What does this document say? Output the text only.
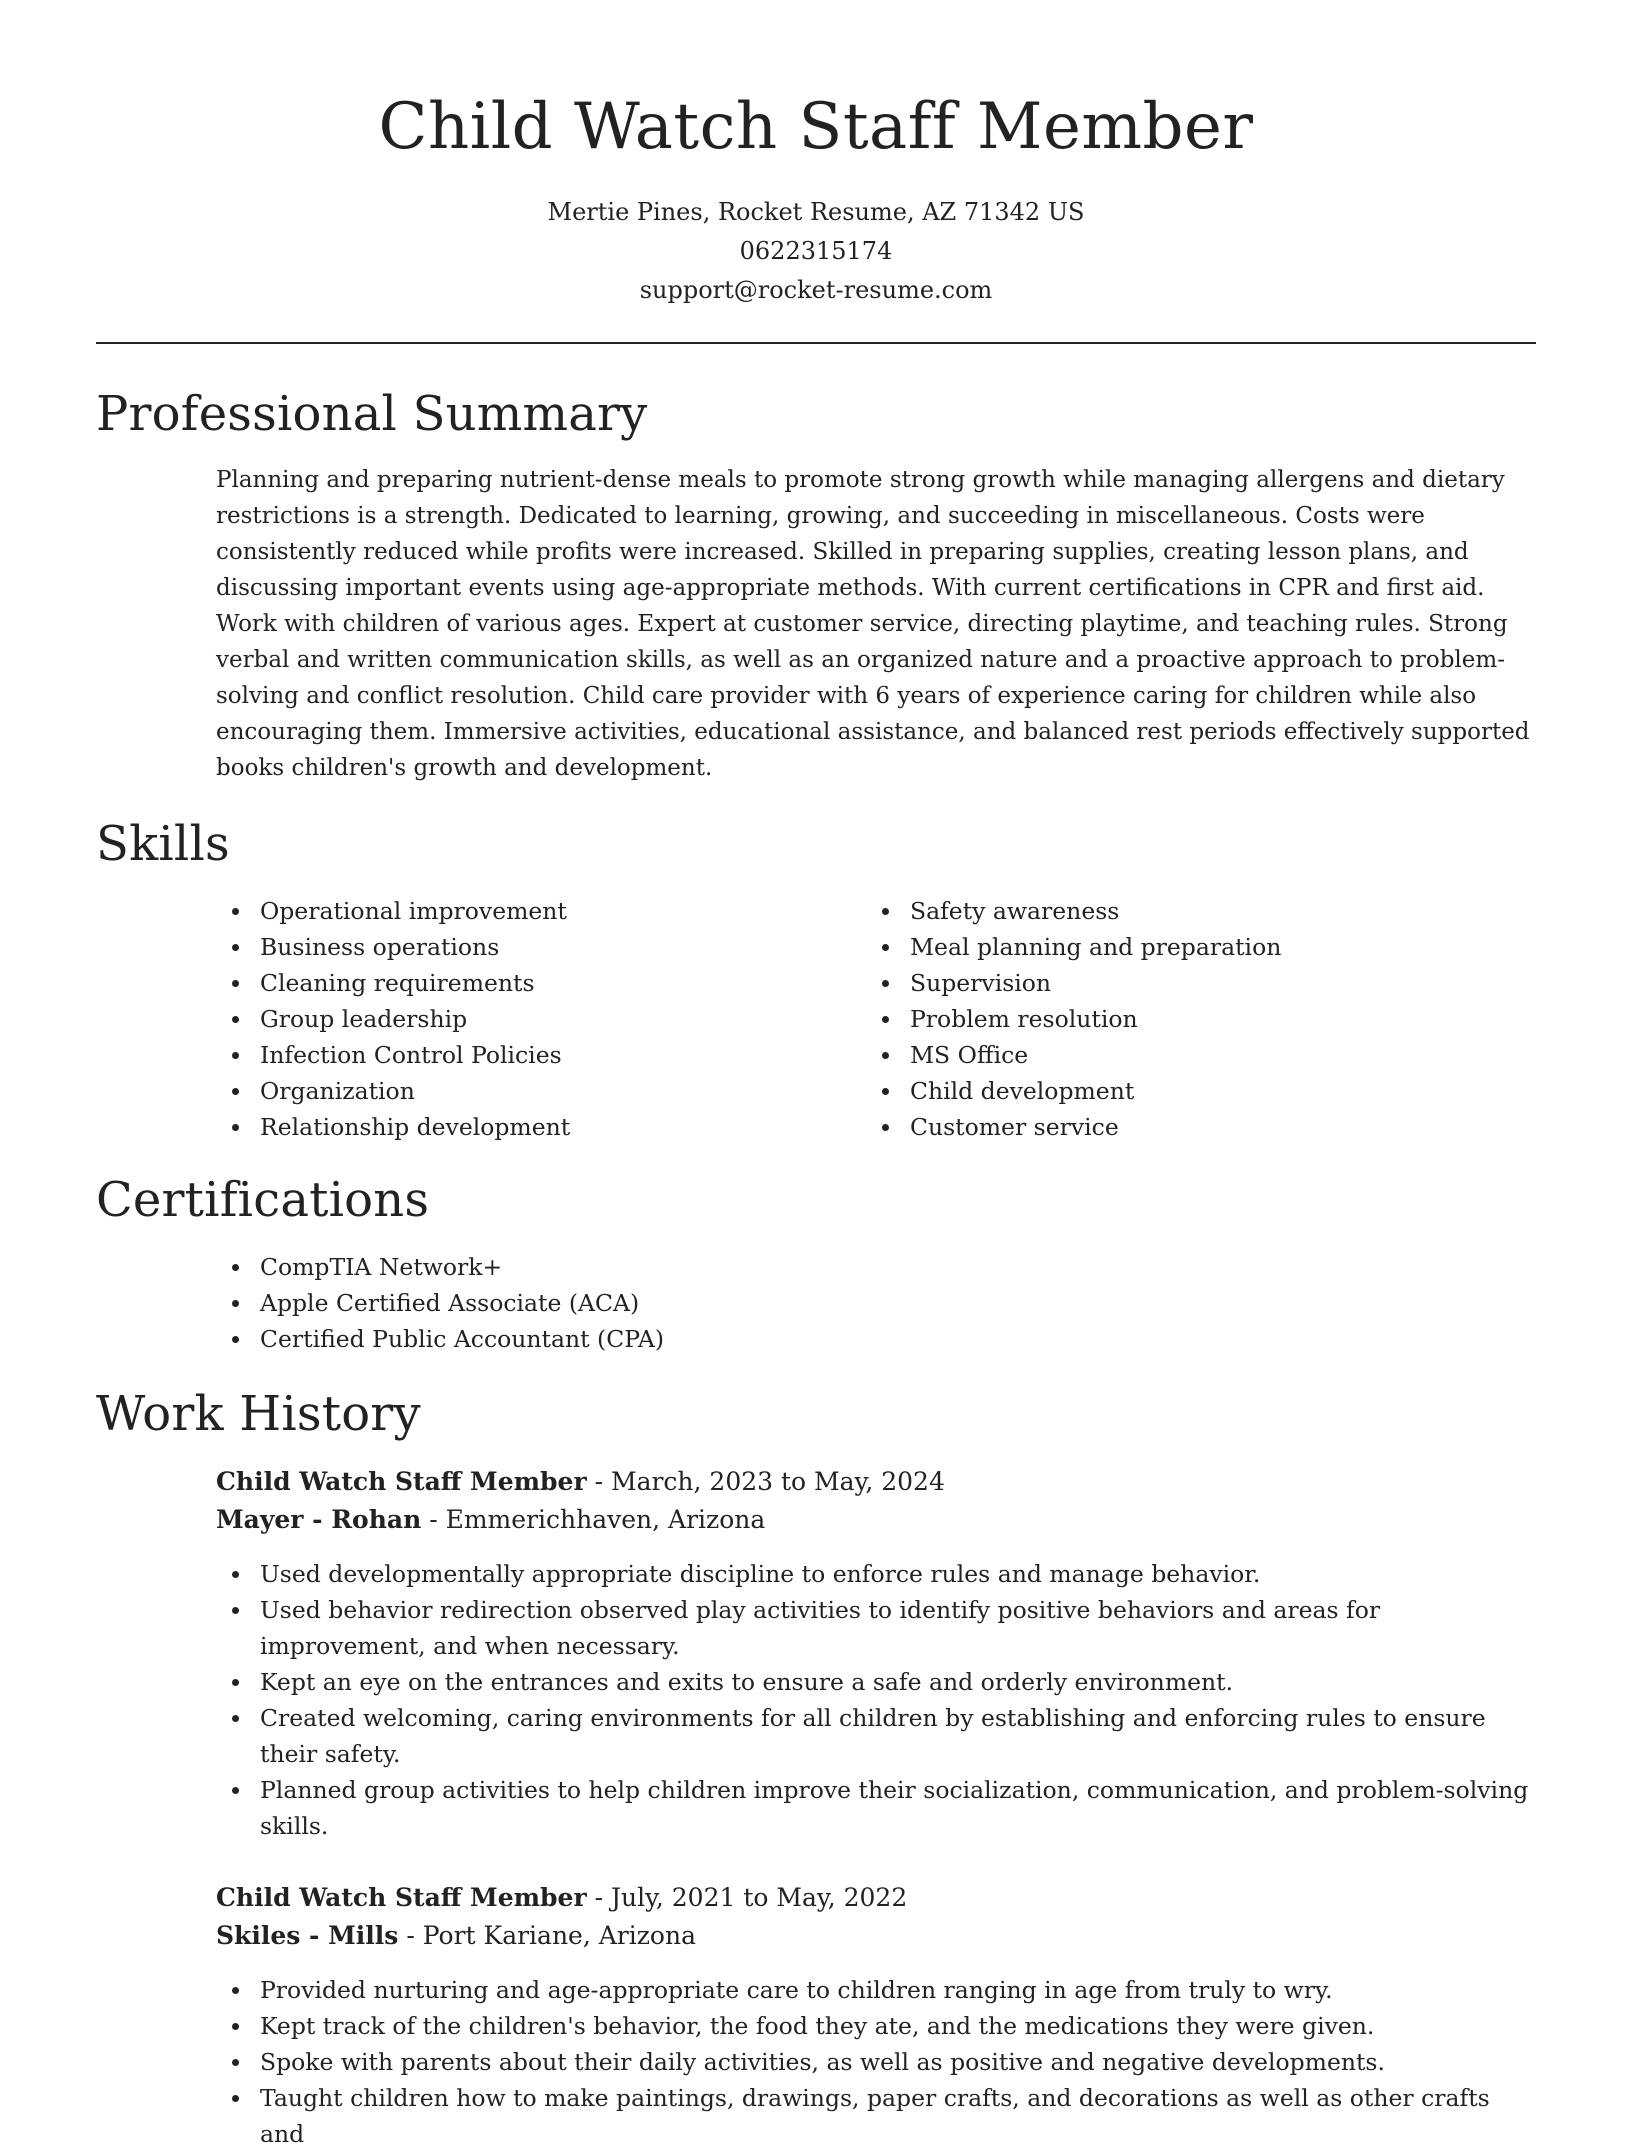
Child Watch Staff Member
Mertie Pines, Rocket Resume, AZ 71342 US
0622315174
support@rocket-resume.com
Professional Summary

Planning and preparing nutrient-dense meals to promote strong growth while managing allergens and dietary restrictions is a strength. Dedicated to learning, growing, and succeeding in miscellaneous. Costs were consistently reduced while profits were increased. Skilled in preparing supplies, creating lesson plans, and discussing important events using age-appropriate methods. With current certifications in CPR and first aid. Work with children of various ages. Expert at customer service, directing playtime, and teaching rules. Strong verbal and written communication skills, as well as an organized nature and a proactive approach to problem-solving and conflict resolution. Child care provider with 6 years of experience caring for children while also encouraging them. Immersive activities, educational assistance, and balanced rest periods effectively supported books children's growth and development.

Skills
Operational improvement
Business operations
Cleaning requirements
Group leadership
Infection Control Policies
Organization
Relationship development
Safety awareness
Meal planning and preparation
Supervision
Problem resolution
MS Office
Child development
Customer service
Certifications
CompTIA Network+
Apple Certified Associate (ACA)
Certified Public Accountant (CPA)
Work History
Child Watch Staff Member - March, 2023 to May, 2024
Mayer - Rohan - Emmerichhaven, Arizona
Used developmentally appropriate discipline to enforce rules and manage behavior.
Used behavior redirection observed play activities to identify positive behaviors and areas for improvement, and when necessary.
Kept an eye on the entrances and exits to ensure a safe and orderly environment.
Created welcoming, caring environments for all children by establishing and enforcing rules to ensure their safety.
Planned group activities to help children improve their socialization, communication, and problem-solving skills.
Child Watch Staff Member - July, 2021 to May, 2022
Skiles - Mills - Port Kariane, Arizona
Provided nurturing and age-appropriate care to children ranging in age from truly to wry.
Kept track of the children's behavior, the food they ate, and the medications they were given.
Spoke with parents about their daily activities, as well as positive and negative developments.
Taught children how to make paintings, drawings, paper crafts, and decorations as well as other crafts and
